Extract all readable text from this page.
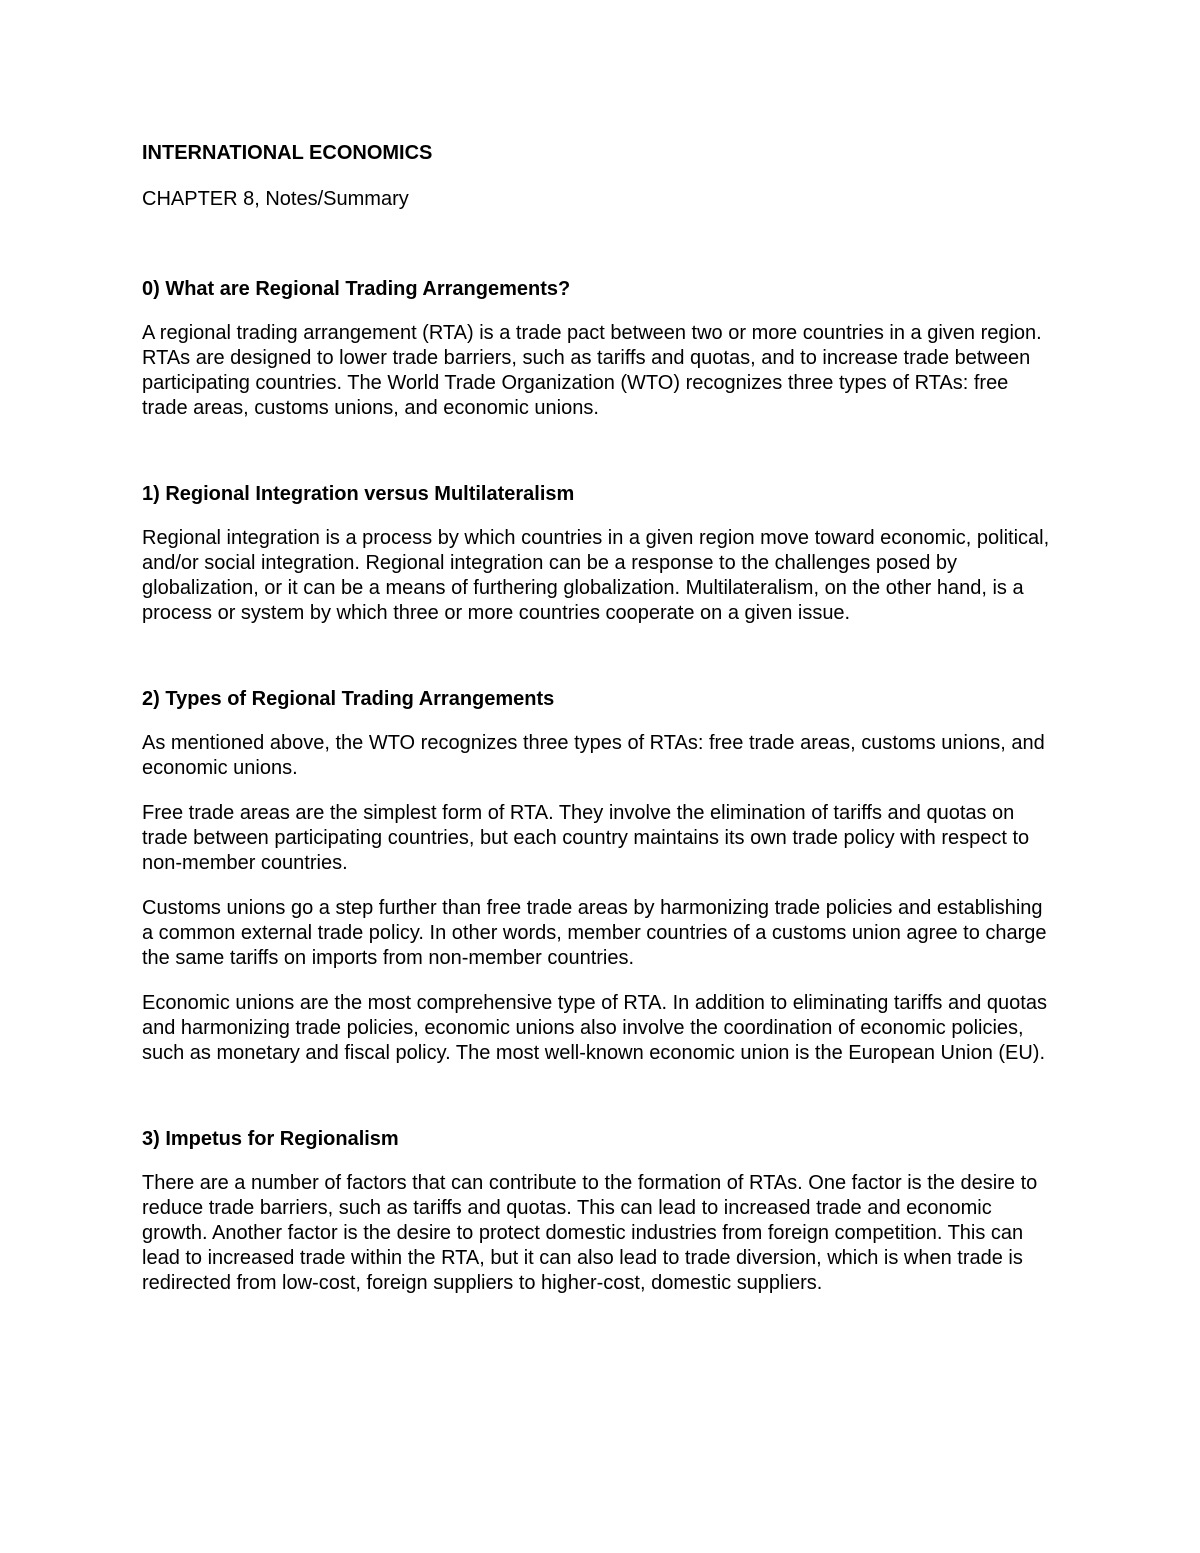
INTERNATIONAL ECONOMICS

CHAPTER 8, Notes/Summary

0) What are Regional Trading Arrangements?

A regional trading arrangement (RTA) is a trade pact between two or more countries in a given region. RTAs are designed to lower trade barriers, such as tariffs and quotas, and to increase trade between participating countries. The World Trade Organization (WTO) recognizes three types of RTAs: free trade areas, customs unions, and economic unions.

1) Regional Integration versus Multilateralism

Regional integration is a process by which countries in a given region move toward economic, political, and/or social integration. Regional integration can be a response to the challenges posed by globalization, or it can be a means of furthering globalization. Multilateralism, on the other hand, is a process or system by which three or more countries cooperate on a given issue.

2) Types of Regional Trading Arrangements

As mentioned above, the WTO recognizes three types of RTAs: free trade areas, customs unions, and economic unions.

Free trade areas are the simplest form of RTA. They involve the elimination of tariffs and quotas on trade between participating countries, but each country maintains its own trade policy with respect to non-member countries.

Customs unions go a step further than free trade areas by harmonizing trade policies and establishing a common external trade policy. In other words, member countries of a customs union agree to charge the same tariffs on imports from non-member countries.

Economic unions are the most comprehensive type of RTA. In addition to eliminating tariffs and quotas and harmonizing trade policies, economic unions also involve the coordination of economic policies, such as monetary and fiscal policy. The most well-known economic union is the European Union (EU).

3) Impetus for Regionalism

There are a number of factors that can contribute to the formation of RTAs. One factor is the desire to reduce trade barriers, such as tariffs and quotas. This can lead to increased trade and economic growth. Another factor is the desire to protect domestic industries from foreign competition. This can lead to increased trade within the RTA, but it can also lead to trade diversion, which is when trade is redirected from low-cost, foreign suppliers to higher-cost, domestic suppliers.
